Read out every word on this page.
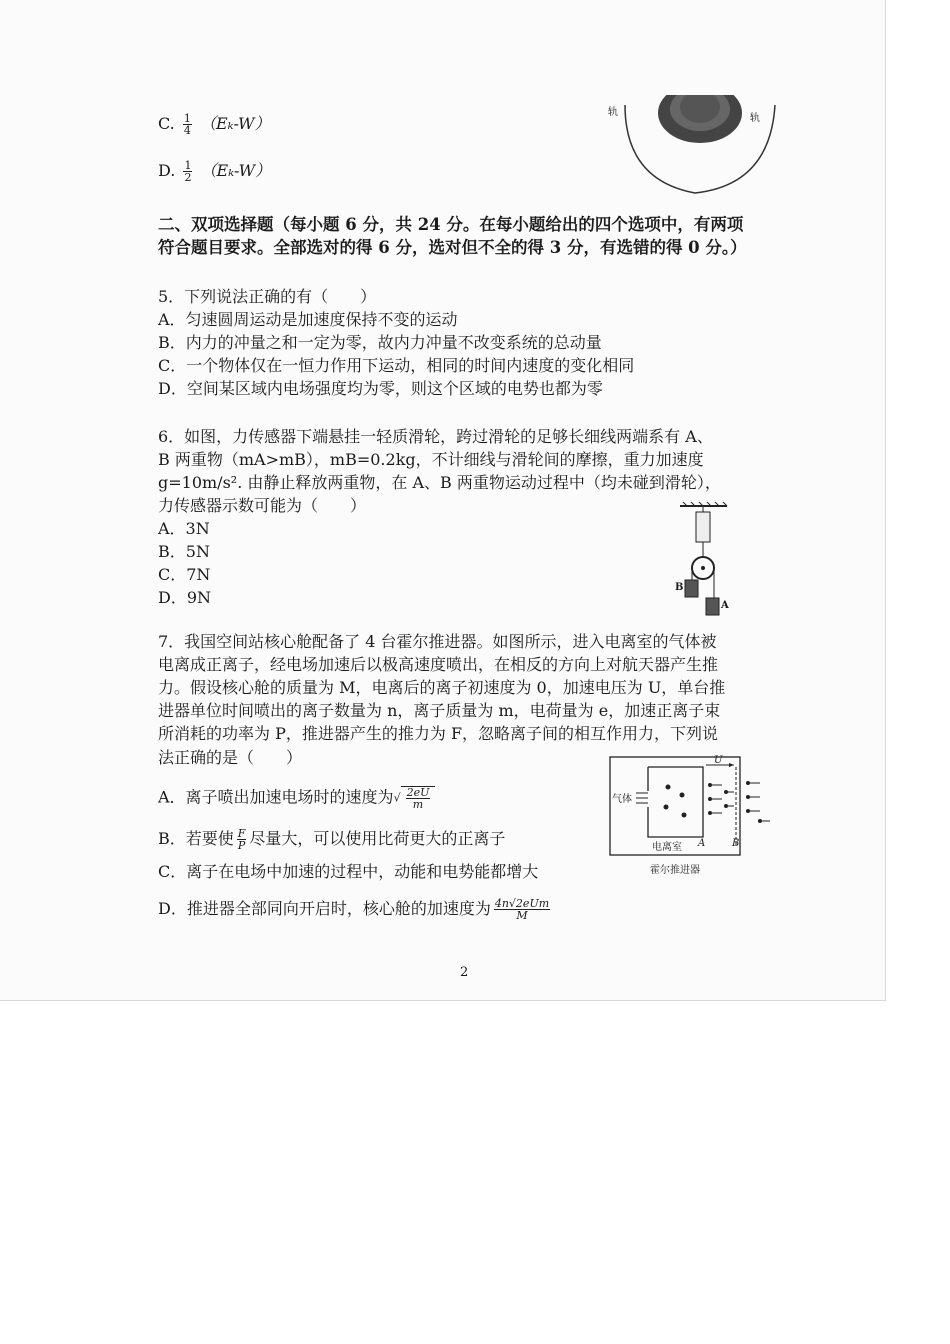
C. $\frac{1}{4} (E_k-W)$
D. $\frac{1}{2} (E_k-W)$
轨
轨
二、双项选择题（每小题 6 分，共 24 分。在每小题给出的四个选项中，有两项
符合题目要求。全部选对的得 6 分，选对但不全的得 3 分，有选错的得 0 分。）
5．下列说法正确的有（　　）
A．匀速圆周运动是加速度保持不变的运动
B．内力的冲量之和一定为零，故内力冲量不改变系统的总动量
C．一个物体仅在一恒力作用下运动，相同的时间内速度的变化相同
D．空间某区域内电场强度均为零，则这个区域的电势也都为零
6．如图，力传感器下端悬挂一轻质滑轮，跨过滑轮的足够长细线两端系有 A、
B 两重物（mA>mB），mB=0.2kg，不计细线与滑轮间的摩擦，重力加速度
g=10m/s². 由静止释放两重物，在 A、B 两重物运动过程中（均未碰到滑轮），
力传感器示数可能为（　　）
A．3N
B．5N
C．7N
D．9N
B
A
7．我国空间站核心舱配备了 4 台霍尔推进器。如图所示，进入电离室的气体被
电离成正离子，经电场加速后以极高速度喷出，在相反的方向上对航天器产生推
力。假设核心舱的质量为 M，电离后的离子初速度为 0，加速电压为 U，单台推
进器单位时间喷出的离子数量为 n，离子质量为 m，电荷量为 e，加速正离子束
所消耗的功率为 P，推进器产生的推力为 F，忽略离子间的相互作用力，下列说
法正确的是（　　）
A．离子喷出加速电场时的速度为√ $\frac{2eU}{m}$
B．若要使 $\frac{F}{P}$ 尽量大，可以使用比荷更大的正离子
C．离子在电场中加速的过程中，动能和电势能都增大
D．推进器全部同向开启时，核心舱的加速度为 $\frac{\text{4n√2eUm}}{M}$
气体
电离室 A	B
U
霍尔推进器
2
